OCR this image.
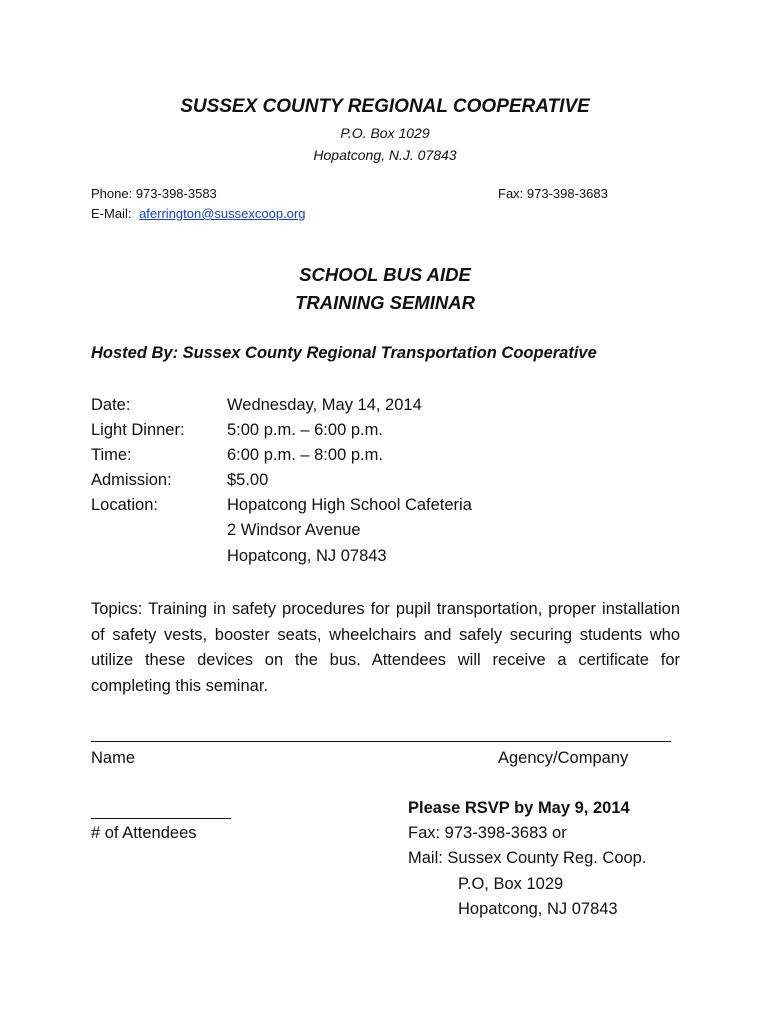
SUSSEX COUNTY REGIONAL COOPERATIVE
P.O. Box 1029
Hopatcong, N.J. 07843
Phone: 973-398-3583	Fax: 973-398-3683
E-Mail: aferrington@sussexcoop.org
SCHOOL BUS AIDE
TRAINING SEMINAR
Hosted By: Sussex County Regional Transportation Cooperative
Date:	Wednesday, May 14, 2014
Light Dinner:	5:00 p.m. – 6:00 p.m.
Time:	6:00 p.m. – 8:00 p.m.
Admission:	$5.00
Location:	Hopatcong High School Cafeteria
2 Windsor Avenue
Hopatcong, NJ 07843
Topics: Training in safety procedures for pupil transportation, proper installation of safety vests, booster seats, wheelchairs and safely securing students who utilize these devices on the bus. Attendees will receive a certificate for completing this seminar.
Name	Agency/Company
# of Attendees
Please RSVP by May 9, 2014
Fax: 973-398-3683 or
Mail: Sussex County Reg. Coop.
P.O, Box 1029
Hopatcong, NJ 07843
